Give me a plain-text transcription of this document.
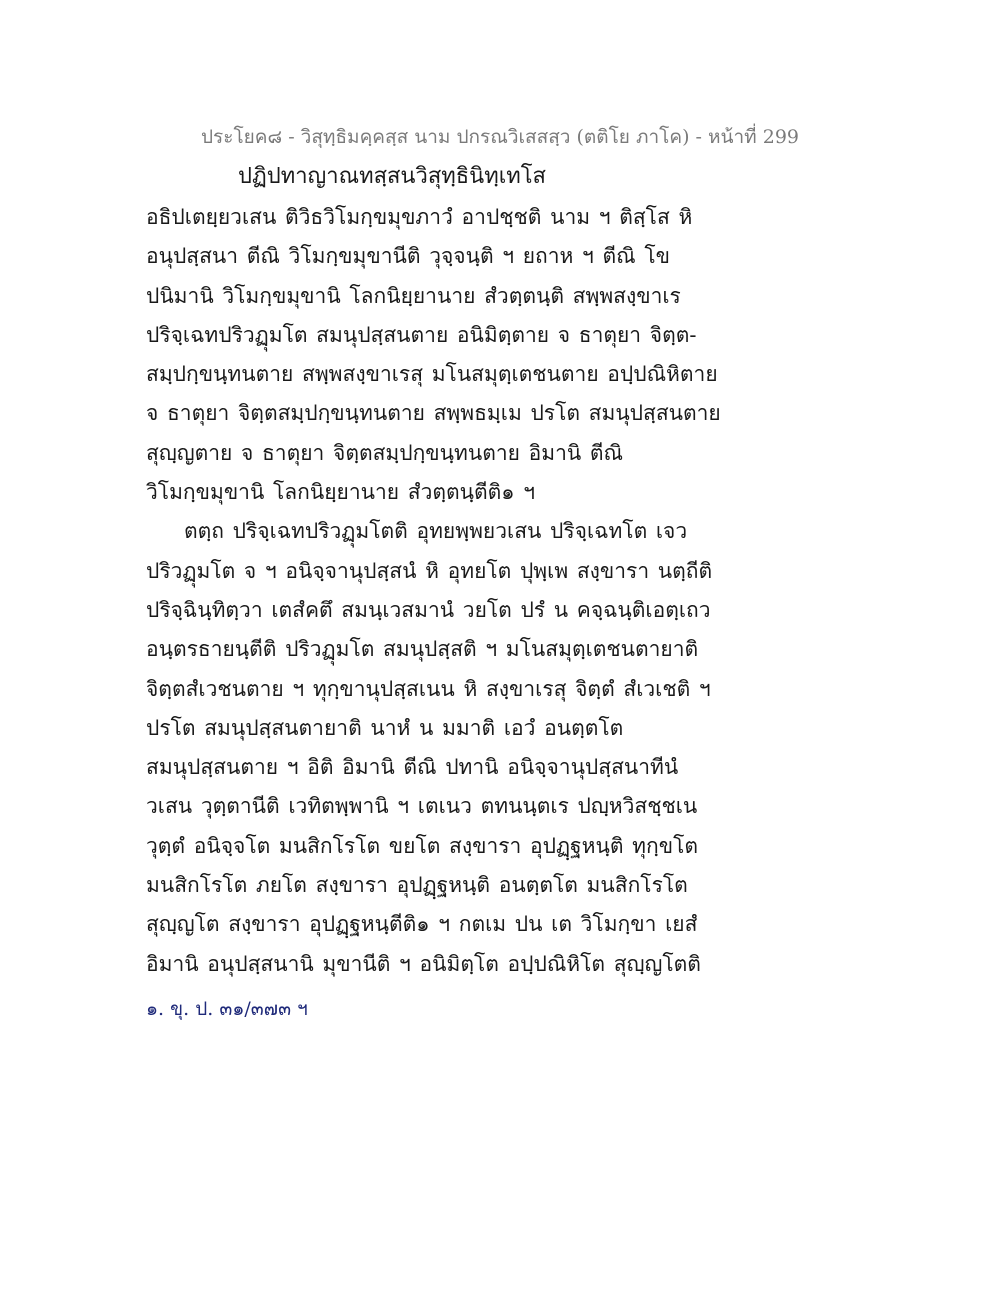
ประโยค๘ - วิสุทฺธิมคฺคสฺส นาม ปกรณวิเสสสฺว (ตติโย ภาโค) - หน้าที่ 299
ปฏิปทาญาณทสฺสนวิสุทฺธินิทฺเทโส
อธิปเตยฺยวเสน ติวิธวิโมกฺขมุขภาวํ อาปชฺชติ นาม ฯ ติสฺโส หิ
อนุปสฺสนา ตีณิ วิโมกฺขมุขานีติ วุจฺจนฺติ ฯ ยถาห ฯ ตีณิ โข
ปนิมานิ วิโมกฺขมุขานิ โลกนิยฺยานาย สํวตฺตนฺติ สพฺพสงฺขาเร
ปริจฺเฉทปริวฏุมโต สมนุปสฺสนตาย อนิมิตฺตาย จ ธาตุยา จิตฺต-
สมฺปกฺขนฺทนตาย สพฺพสงฺขาเรสุ มโนสมุตฺเตชนตาย อปฺปณิหิตาย
จ ธาตุยา จิตฺตสมฺปกฺขนฺทนตาย สพฺพธมฺเม ปรโต สมนุปสฺสนตาย
สุญฺญตาย จ ธาตุยา จิตฺตสมฺปกฺขนฺทนตาย อิมานิ ตีณิ
วิโมกฺขมุขานิ โลกนิยฺยานาย สํวตฺตนฺตีติ๑ ฯ
ตตฺถ ปริจฺเฉทปริวฏุมโตติ อุทยพฺพยวเสน ปริจฺเฉทโต เจว
ปริวฏุมโต จ ฯ อนิจฺจานุปสฺสนํ หิ อุทยโต ปุพฺเพ สงฺขารา นตฺถีติ
ปริจฺฉินฺทิตฺวา เตสํคตึ สมนฺเวสมานํ วยโต ปรํ น คจฺฉนฺติเอตฺเถว
อนฺตรธายนฺตีติ ปริวฏุมโต สมนุปสฺสติ ฯ มโนสมุตฺเตชนตายาติ
จิตฺตสํเวชนตาย ฯ ทุกฺขานุปสฺสเนน หิ สงฺขาเรสุ จิตฺตํ สํเวเชติ ฯ
ปรโต สมนุปสฺสนตายาติ นาหํ น มมาติ เอวํ อนตฺตโต
สมนุปสฺสนตาย ฯ อิติ อิมานิ ตีณิ ปทานิ อนิจฺจานุปสฺสนาทีนํ
วเสน วุตฺตานีติ เวทิตพฺพานิ ฯ เตเนว ตทนนฺตเร ปญฺหวิสชฺชเน
วุตฺตํ อนิจฺจโต มนสิกโรโต ขยโต สงฺขารา อุปฏฺฐหนฺติ ทุกฺขโต
มนสิกโรโต ภยโต สงฺขารา อุปฏฺฐหนฺติ อนตฺตโต มนสิกโรโต
สุญฺญโต สงฺขารา อุปฏฺฐหนฺตีติ๑ ฯ กตเม ปน เต วิโมกฺขา เยสํ
อิมานิ อนุปสฺสนานิ มุขานีติ ฯ อนิมิตฺโต อปฺปณิหิโต สุญฺญโตติ
๑. ขุ. ป. ๓๑/๓๗๓ ฯ
